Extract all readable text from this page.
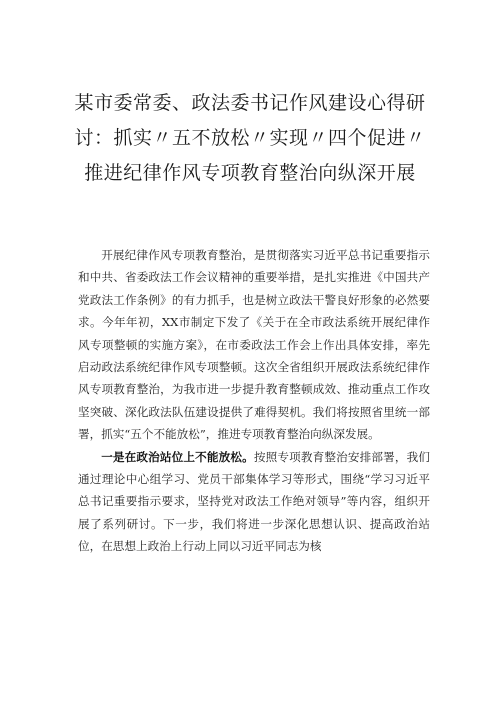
某市委常委、政法委书记作风建设心得研讨：抓实〃五不放松〃实现〃四个促进〃推进纪律作风专项教育整治向纵深开展

开展纪律作风专项教育整治，是贯彻落实习近平总书记重要指示和中共、省委政法工作会议精神的重要举措，是扎实推进《中国共产党政法工作条例》的有力抓手，也是树立政法干警良好形象的必然要求。今年年初，XX市制定下发了《关于在全市政法系统开展纪律作风专项整顿的实施方案》，在市委政法工作会上作出具体安排，率先启动政法系统纪律作风专项整顿。这次全省组织开展政法系统纪律作风专项教育整治，为我市进一步提升教育整顿成效、推动重点工作攻坚突破、深化政法队伍建设提供了难得契机。我们将按照省里统一部署，抓实“五个不能放松”，推进专项教育整治向纵深发展。

一是在政治站位上不能放松。按照专项教育整治安排部署，我们通过理论中心组学习、党员干部集体学习等形式，围绕“学习习近平总书记重要指示要求，坚持党对政法工作绝对领导”等内容，组织开展了系列研讨。下一步，我们将进一步深化思想认识、提高政治站位，在思想上政治上行动上同以习近平同志为核
